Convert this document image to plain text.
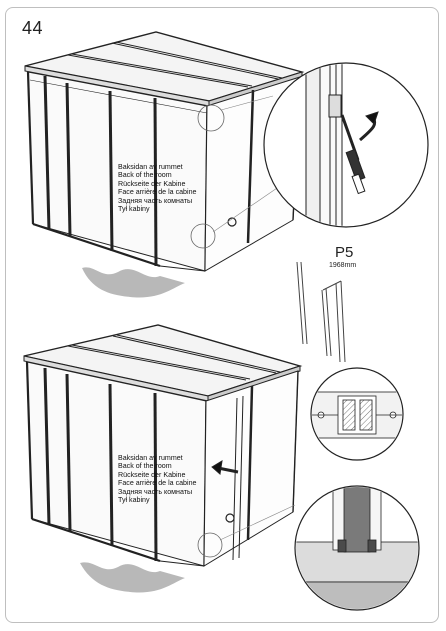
44
P5
1968mm
Baksidan av rummet
Back of the room
Rückseite der Kabine
Face arrière de la cabine
Задняя часть комнаты
Tył kabiny
Baksidan av rummet
Back of the room
Rückseite der Kabine
Face arrière de la cabine
Задняя часть комнаты
Tył kabiny
